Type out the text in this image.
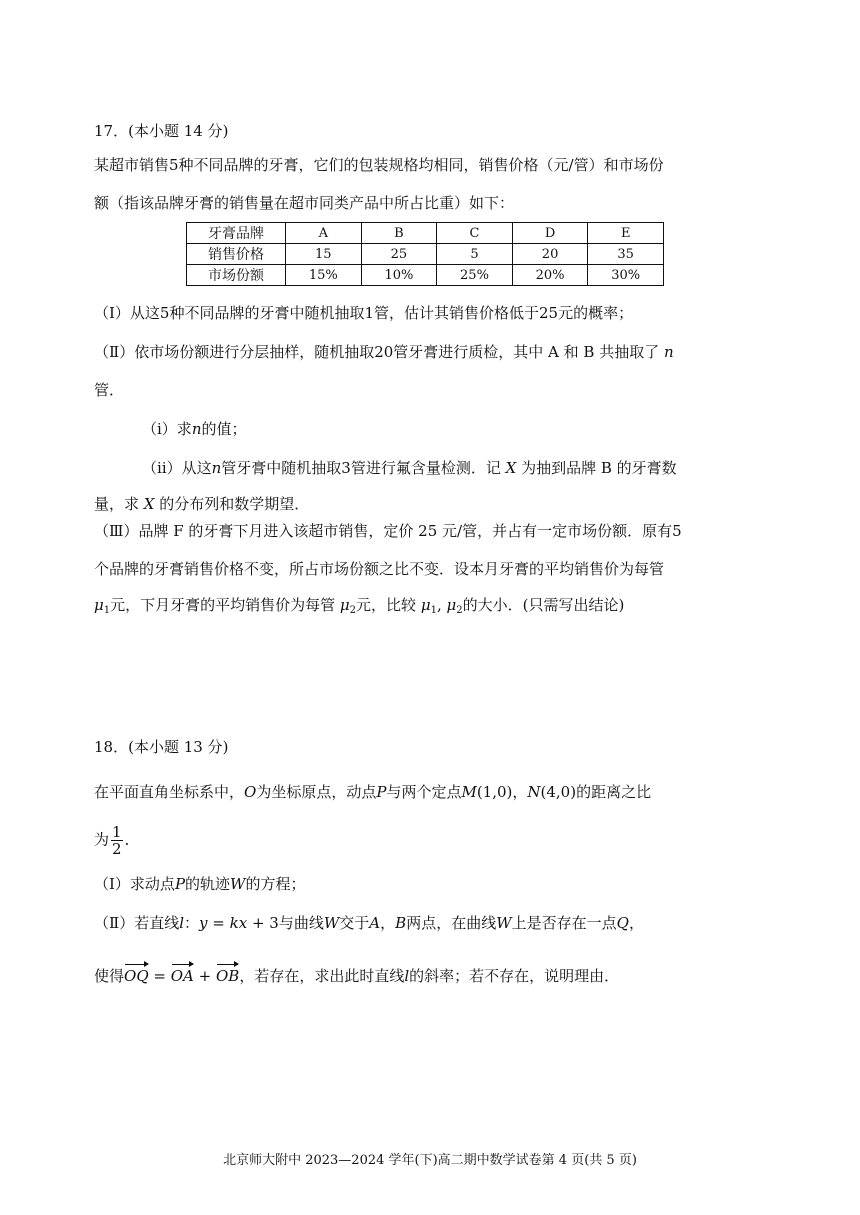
17．(本小题 14 分)
某超市销售5种不同品牌的牙膏，它们的包装规格均相同，销售价格（元/管）和市场份
额（指该品牌牙膏的销售量在超市同类产品中所占比重）如下：
牙膏品牌	A	B	C	D	E
销售价格	15	25	5	20	35
市场份额	15%	10%	25%	20%	30%
（Ⅰ）从这5种不同品牌的牙膏中随机抽取1管，估计其销售价格低于25元的概率；
（Ⅱ）依市场份额进行分层抽样，随机抽取20管牙膏进行质检，其中 A 和 B 共抽取了 n
管．
（ⅰ）求n的值；
（ⅱ）从这n管牙膏中随机抽取3管进行氟含量检测．记 X 为抽到品牌 B 的牙膏数
量，求 X 的分布列和数学期望．
（Ⅲ）品牌 F 的牙膏下月进入该超市销售，定价 25 元/管，并占有一定市场份额．原有5
个品牌的牙膏销售价格不变，所占市场份额之比不变．设本月牙膏的平均销售价为每管
$\mu_1$元，下月牙膏的平均销售价为每管 $\mu_2$元，比较 $\mu_1$, $\mu_2$的大小．(只需写出结论)
18．(本小题 13 分)
在平面直角坐标系中，O为坐标原点，动点P与两个定点M(1,0)，N(4,0)的距离之比
为 $\frac{1}{2}$ ．
（Ⅰ）求动点P的轨迹W的方程；
（Ⅱ）若直线l：y = kx + 3与曲线W交于A，B两点，在曲线W上是否存在一点Q，
使得OQ = OA + OB，若存在，求出此时直线l的斜率；若不存在，说明理由．
北京师大附中 2023—2024 学年(下)高二期中数学试卷第 4 页(共 5 页)
